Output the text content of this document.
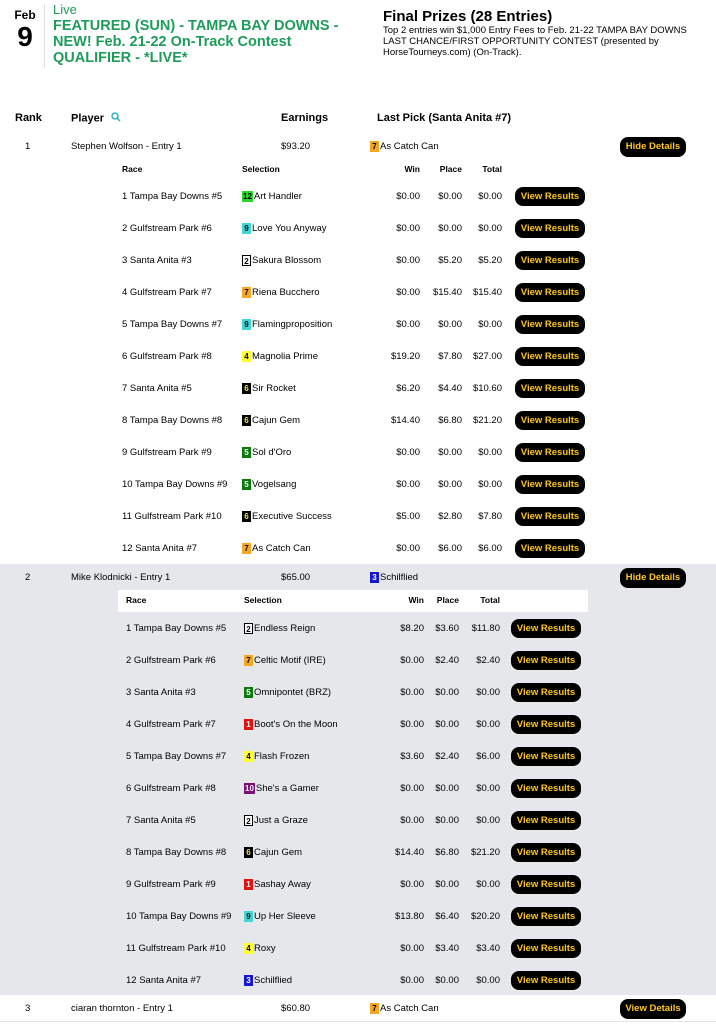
Feb
9
Live
FEATURED (SUN) - TAMPA BAY DOWNS - NEW! Feb. 21-22 On-Track Contest QUALIFIER - *LIVE*
Final Prizes (28 Entries)
Top 2 entries win $1,000 Entry Fees to Feb. 21-22 TAMPA BAY DOWNS LAST CHANCE/FIRST OPPORTUNITY CONTEST (presented by HorseTourneys.com) (On-Track).
Rank	Player	Earnings	Last Pick (Santa Anita #7)
1	Stephen Wolfson - Entry 1	$93.20	7 As Catch Can	Hide Details
Race	Selection	Win	Place	Total
1 Tampa Bay Downs #5	12 Art Handler	$0.00	$0.00	$0.00	View Results
2 Gulfstream Park #6	9 Love You Anyway	$0.00	$0.00	$0.00	View Results
3 Santa Anita #3	2 Sakura Blossom	$0.00	$5.20	$5.20	View Results
4 Gulfstream Park #7	7 Riena Bucchero	$0.00	$15.40	$15.40	View Results
5 Tampa Bay Downs #7	9 Flamingproposition	$0.00	$0.00	$0.00	View Results
6 Gulfstream Park #8	4 Magnolia Prime	$19.20	$7.80	$27.00	View Results
7 Santa Anita #5	6 Sir Rocket	$6.20	$4.40	$10.60	View Results
8 Tampa Bay Downs #8	6 Cajun Gem	$14.40	$6.80	$21.20	View Results
9 Gulfstream Park #9	5 Sol d'Oro	$0.00	$0.00	$0.00	View Results
10 Tampa Bay Downs #9 5 Vogelsang	$0.00	$0.00	$0.00	View Results
11 Gulfstream Park #10	6 Executive Success	$5.00	$2.80	$7.80	View Results
12 Santa Anita #7	7 As Catch Can	$0.00	$6.00	$6.00	View Results
2	Mike Klodnicki - Entry 1	$65.00	3 Schilflied	Hide Details
Race	Selection	Win	Place	Total
1 Tampa Bay Downs #5	2 Endless Reign	$8.20	$3.60	$11.80	View Results
2 Gulfstream Park #6	7 Celtic Motif (IRE)	$0.00	$2.40	$2.40	View Results
3 Santa Anita #3	5 Omnipontet (BRZ)	$0.00	$0.00	$0.00	View Results
4 Gulfstream Park #7	1 Boot's On the Moon	$0.00	$0.00	$0.00	View Results
5 Tampa Bay Downs #7	4 Flash Frozen	$3.60	$2.40	$6.00	View Results
6 Gulfstream Park #8	10 She's a Gamer	$0.00	$0.00	$0.00	View Results
7 Santa Anita #5	2 Just a Graze	$0.00	$0.00	$0.00	View Results
8 Tampa Bay Downs #8	6 Cajun Gem	$14.40	$6.80	$21.20	View Results
9 Gulfstream Park #9	1 Sashay Away	$0.00	$0.00	$0.00	View Results
10 Tampa Bay Downs #9 9 Up Her Sleeve	$13.80	$6.40	$20.20	View Results
11 Gulfstream Park #10	4 Roxy	$0.00	$3.40	$3.40	View Results
12 Santa Anita #7	3 Schilflied	$0.00	$0.00	$0.00	View Results
3	ciaran thornton - Entry 1	$60.80	7 As Catch Can	View Details
